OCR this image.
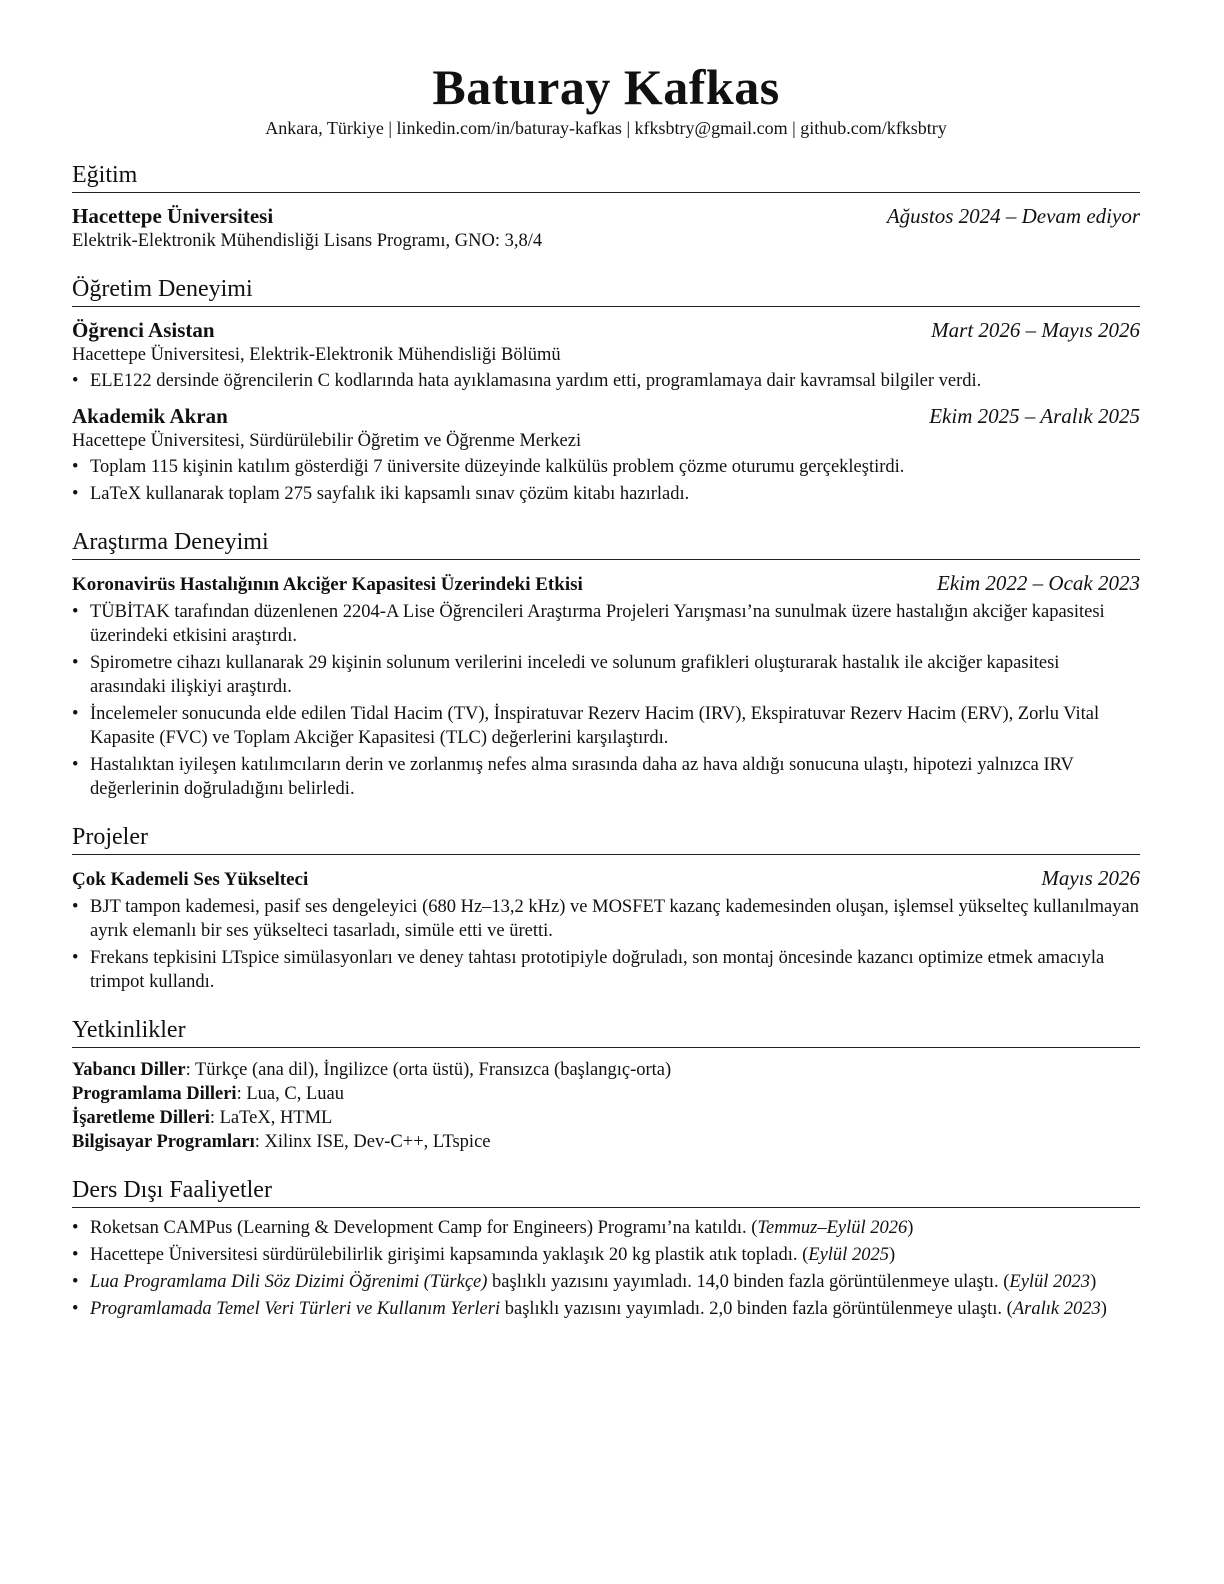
Baturay Kafkas
Ankara, Türkiye | linkedin.com/in/baturay-kafkas | kfksbtry@gmail.com | github.com/kfksbtry
Eğitim
Hacettepe Üniversitesi	Ağustos 2024 – Devam ediyor
Elektrik-Elektronik Mühendisliği Lisans Programı, GNO: 3,8/4
Öğretim Deneyimi
Öğrenci Asistan	Mart 2026 – Mayıs 2026
Hacettepe Üniversitesi, Elektrik-Elektronik Mühendisliği Bölümü
• ELE122 dersinde öğrencilerin C kodlarında hata ayıklamasına yardım etti, programlamaya dair kavramsal bilgiler verdi.
Akademik Akran	Ekim 2025 – Aralık 2025
Hacettepe Üniversitesi, Sürdürülebilir Öğretim ve Öğrenme Merkezi
• Toplam 115 kişinin katılım gösterdiği 7 üniversite düzeyinde kalkülüs problem çözme oturumu gerçekleştirdi.
• LaTeX kullanarak toplam 275 sayfalık iki kapsamlı sınav çözüm kitabı hazırladı.
Araştırma Deneyimi
Koronavirüs Hastalığının Akciğer Kapasitesi Üzerindeki Etkisi	Ekim 2022 – Ocak 2023
• TÜBİTAK tarafından düzenlenen 2204-A Lise Öğrencileri Araştırma Projeleri Yarışması’na sunulmak üzere hastalığın akciğer kapasitesi üzerindeki etkisini araştırdı.
• Spirometre cihazı kullanarak 29 kişinin solunum verilerini inceledi ve solunum grafikleri oluşturarak hastalık ile akciğer kapasitesi arasındaki ilişkiyi araştırdı.
• İncelemeler sonucunda elde edilen Tidal Hacim (TV), İnspiratuvar Rezerv Hacim (IRV), Ekspiratuvar Rezerv Hacim (ERV), Zorlu Vital Kapasite (FVC) ve Toplam Akciğer Kapasitesi (TLC) değerlerini karşılaştırdı.
• Hastalıktan iyileşen katılımcıların derin ve zorlanmış nefes alma sırasında daha az hava aldığı sonucuna ulaştı, hipotezi yalnızca IRV değerlerinin doğruladığını belirledi.
Projeler
Çok Kademeli Ses Yükselteci	Mayıs 2026
• BJT tampon kademesi, pasif ses dengeleyici (680 Hz–13,2 kHz) ve MOSFET kazanç kademesinden oluşan, işlemsel yükselteç kullanılmayan ayrık elemanlı bir ses yükselteci tasarladı, simüle etti ve üretti.
• Frekans tepkisini LTspice simülasyonları ve deney tahtası prototipiyle doğruladı, son montaj öncesinde kazancı optimize etmek amacıyla trimpot kullandı.
Yetkinlikler
Yabancı Diller: Türkçe (ana dil), İngilizce (orta üstü), Fransızca (başlangıç-orta)
Programlama Dilleri: Lua, C, Luau
İşaretleme Dilleri: LaTeX, HTML
Bilgisayar Programları: Xilinx ISE, Dev-C++, LTspice
Ders Dışı Faaliyetler
• Roketsan CAMPus (Learning & Development Camp for Engineers) Programı’na katıldı. (Temmuz–Eylül 2026)
• Hacettepe Üniversitesi sürdürülebilirlik girişimi kapsamında yaklaşık 20 kg plastik atık topladı. (Eylül 2025)
• Lua Programlama Dili Söz Dizimi Öğrenimi (Türkçe) başlıklı yazısını yayımladı. 14,0 binden fazla görüntülenmeye ulaştı. (Eylül 2023)
• Programlamada Temel Veri Türleri ve Kullanım Yerleri başlıklı yazısını yayımladı. 2,0 binden fazla görüntülenmeye ulaştı. (Aralık 2023)
